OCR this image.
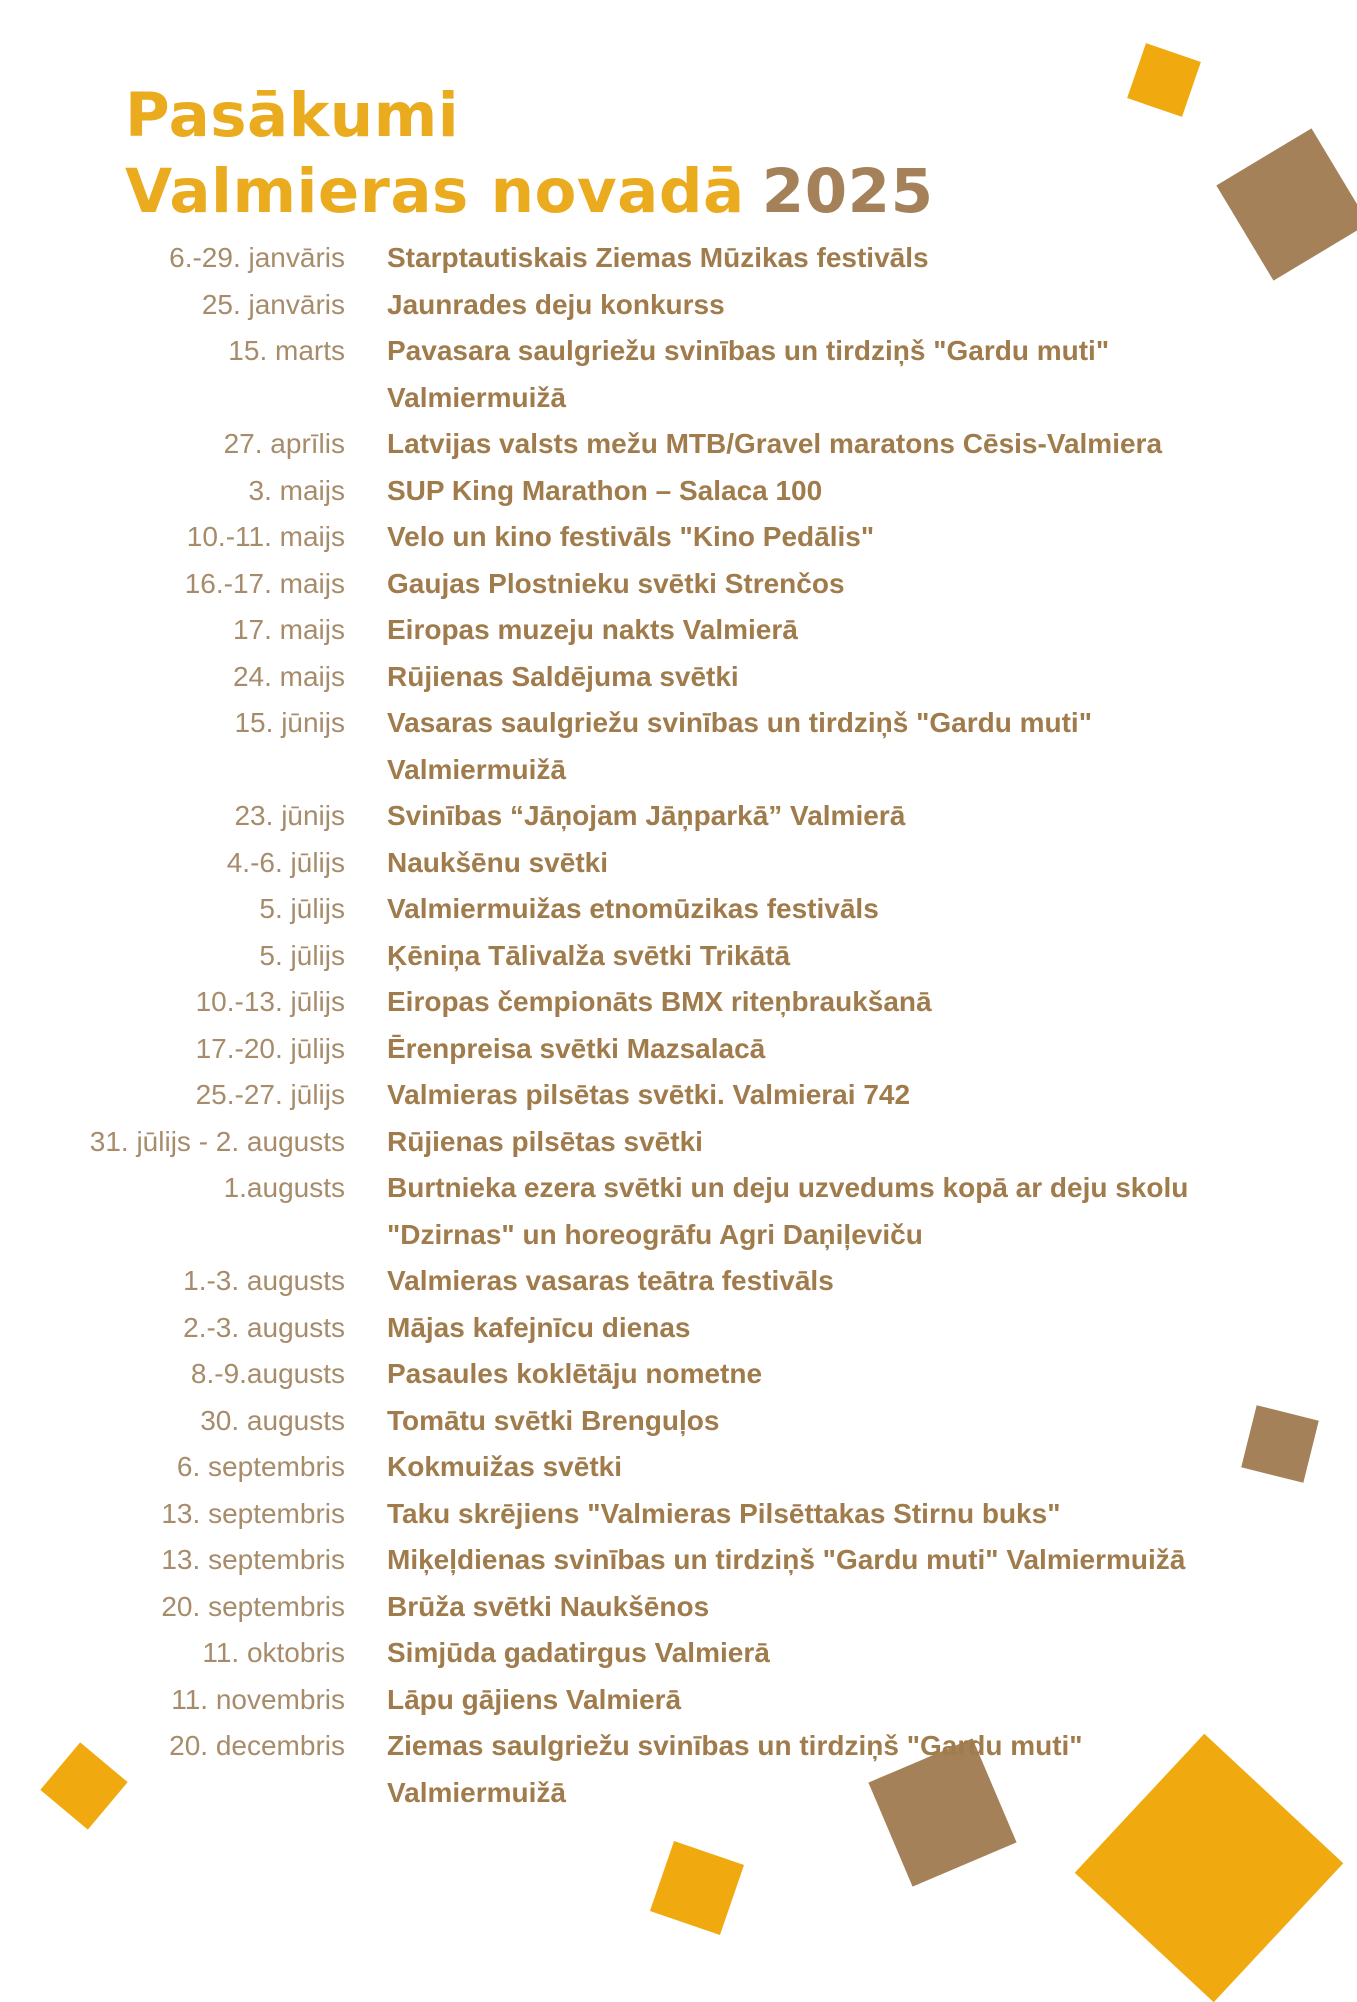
Pasākumi
Valmieras novadā 2025
6.-29. janvāris Starptautiskais Ziemas Mūzikas festivāls
25. janvāris Jaunrades deju konkurss
15. marts Pavasara saulgriežu svinības un tirdziņš "Gardu muti"
Valmiermuižā
27. aprīlis Latvijas valsts mežu MTB/Gravel maratons Cēsis-Valmiera
3. maijs SUP King Marathon – Salaca 100
10.-11. maijs Velo un kino festivāls "Kino Pedālis"
16.-17. maijs Gaujas Plostnieku svētki Strenčos
17. maijs Eiropas muzeju nakts Valmierā
24. maijs Rūjienas Saldējuma svētki
15. jūnijs Vasaras saulgriežu svinības un tirdziņš "Gardu muti"
Valmiermuižā
23. jūnijs Svinības “Jāņojam Jāņparkā” Valmierā
4.-6. jūlijs Naukšēnu svētki
5. jūlijs Valmiermuižas etnomūzikas festivāls
5. jūlijs Ķēniņa Tālivalža svētki Trikātā
10.-13. jūlijs Eiropas čempionāts BMX riteņbraukšanā
17.-20. jūlijs Ērenpreisa svētki Mazsalacā
25.-27. jūlijs Valmieras pilsētas svētki. Valmierai 742
31. jūlijs - 2. augusts Rūjienas pilsētas svētki
1.augusts Burtnieka ezera svētki un deju uzvedums kopā ar deju skolu
"Dzirnas" un horeogrāfu Agri Daņiļeviču
1.-3. augusts Valmieras vasaras teātra festivāls
2.-3. augusts Mājas kafejnīcu dienas
8.-9.augusts Pasaules koklētāju nometne
30. augusts Tomātu svētki Brenguļos
6. septembris Kokmuižas svētki
13. septembris Taku skrējiens "Valmieras Pilsēttakas Stirnu buks"
13. septembris Miķeļdienas svinības un tirdziņš "Gardu muti" Valmiermuižā
20. septembris Brūža svētki Naukšēnos
11. oktobris Simjūda gadatirgus Valmierā
11. novembris Lāpu gājiens Valmierā
20. decembris Ziemas saulgriežu svinības un tirdziņš "Gardu muti"
Valmiermuižā
